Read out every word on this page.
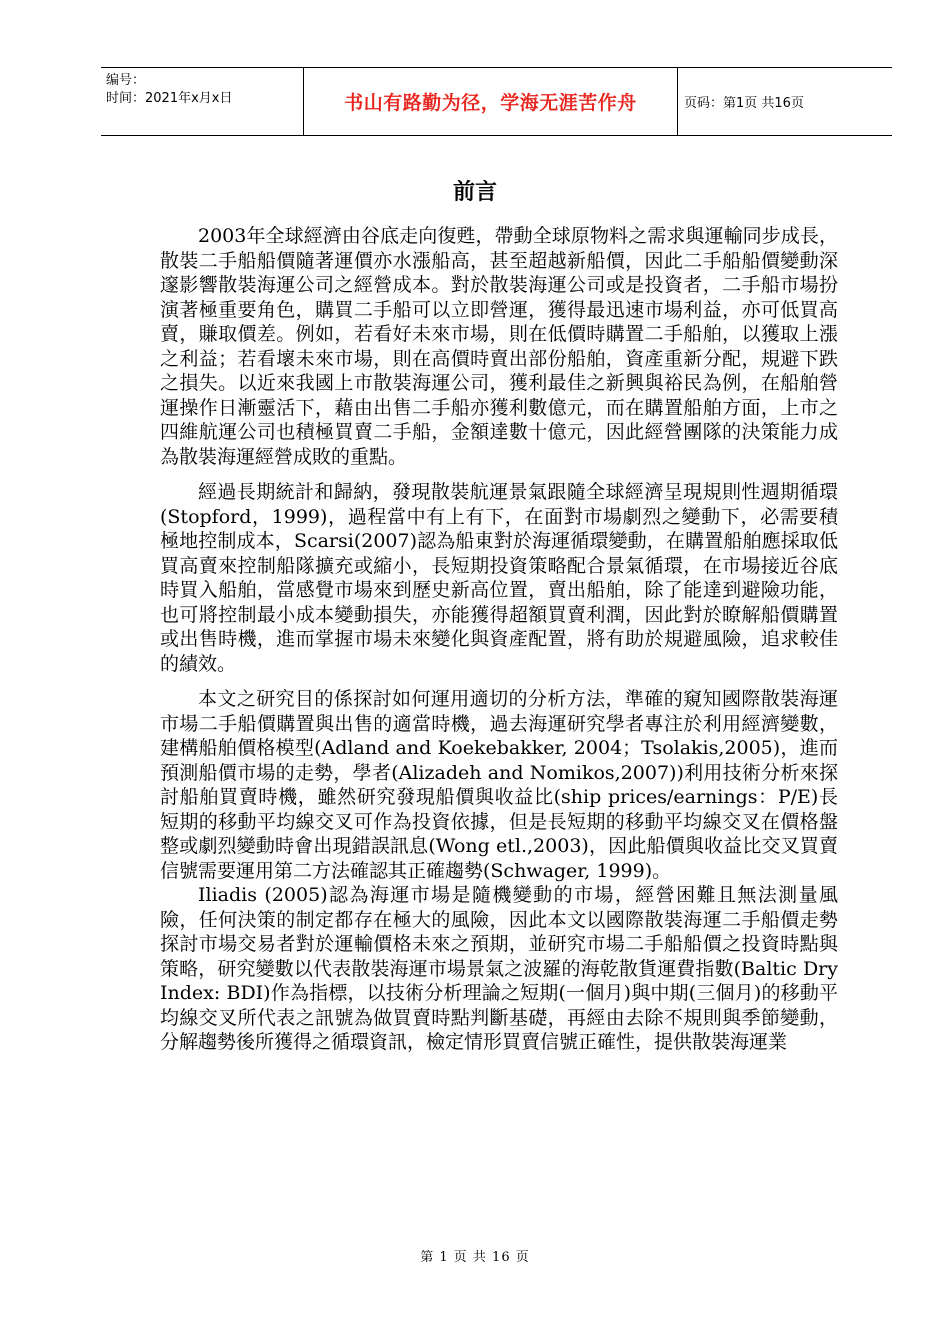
编号：
时间：2021年x月x日	书山有路勤为径，学海无涯苦作舟	页码：第1页 共16页
前言

2003年全球經濟由谷底走向復甦，帶動全球原物料之需求與運輸同步成長，散裝二手船船價隨著運價亦水漲船高，甚至超越新船價，因此二手船船價變動深邃影響散裝海運公司之經營成本。對於散裝海運公司或是投資者，二手船市場扮演著極重要角色，購買二手船可以立即營運，獲得最迅速市場利益，亦可低買高賣，賺取價差。例如，若看好未來市場，則在低價時購置二手船舶，以獲取上漲之利益；若看壞未來市場，則在高價時賣出部份船舶，資產重新分配，規避下跌之損失。以近來我國上市散裝海運公司，獲利最佳之新興與裕民為例，在船舶營運操作日漸靈活下，藉由出售二手船亦獲利數億元，而在購置船舶方面，上市之四維航運公司也積極買賣二手船，金額達數十億元，因此經營團隊的決策能力成為散裝海運經營成敗的重點。

經過長期統計和歸納，發現散裝航運景氣跟隨全球經濟呈現規則性週期循環(Stopford，1999)，過程當中有上有下，在面對市場劇烈之變動下，必需要積極地控制成本，Scarsi(2007)認為船東對於海運循環變動，在購置船舶應採取低買高賣來控制船隊擴充或縮小，長短期投資策略配合景氣循環，在市場接近谷底時買入船舶，當感覺市場來到歷史新高位置，賣出船舶，除了能達到避險功能，也可將控制最小成本變動損失，亦能獲得超額買賣利潤，因此對於瞭解船價購置或出售時機，進而掌握市場未來變化與資產配置，將有助於規避風險，追求較佳的績效。

本文之研究目的係探討如何運用適切的分析方法，準確的窺知國際散裝海運市場二手船價購置與出售的適當時機，過去海運研究學者專注於利用經濟變數，建構船舶價格模型(Adland and Koekebakker, 2004；Tsolakis,2005)，進而預測船價市場的走勢，學者(Alizadeh and Nomikos,2007))利用技術分析來探討船舶買賣時機，雖然研究發現船價與收益比(ship prices/earnings：P/E)長短期的移動平均線交叉可作為投資依據，但是長短期的移動平均線交叉在價格盤整或劇烈變動時會出現錯誤訊息(Wong etl.,2003)，因此船價與收益比交叉買賣信號需要運用第二方法確認其正確趨勢(Schwager, 1999)。

Iliadis (2005)認為海運市場是隨機變動的市場，經營困難且無法測量風險，任何決策的制定都存在極大的風險，因此本文以國際散裝海運二手船價走勢探討市場交易者對於運輸價格未來之預期，並研究市場二手船船價之投資時點與策略，研究變數以代表散裝海運市場景氣之波羅的海乾散貨運費指數(Baltic Dry Index: BDI)作為指標，以技術分析理論之短期(一個月)與中期(三個月)的移動平均線交叉所代表之訊號為做買賣時點判斷基礎，再經由去除不規則與季節變動，分解趨勢後所獲得之循環資訊，檢定情形買賣信號正確性，提供散裝海運業

第 1 页 共 16 页
